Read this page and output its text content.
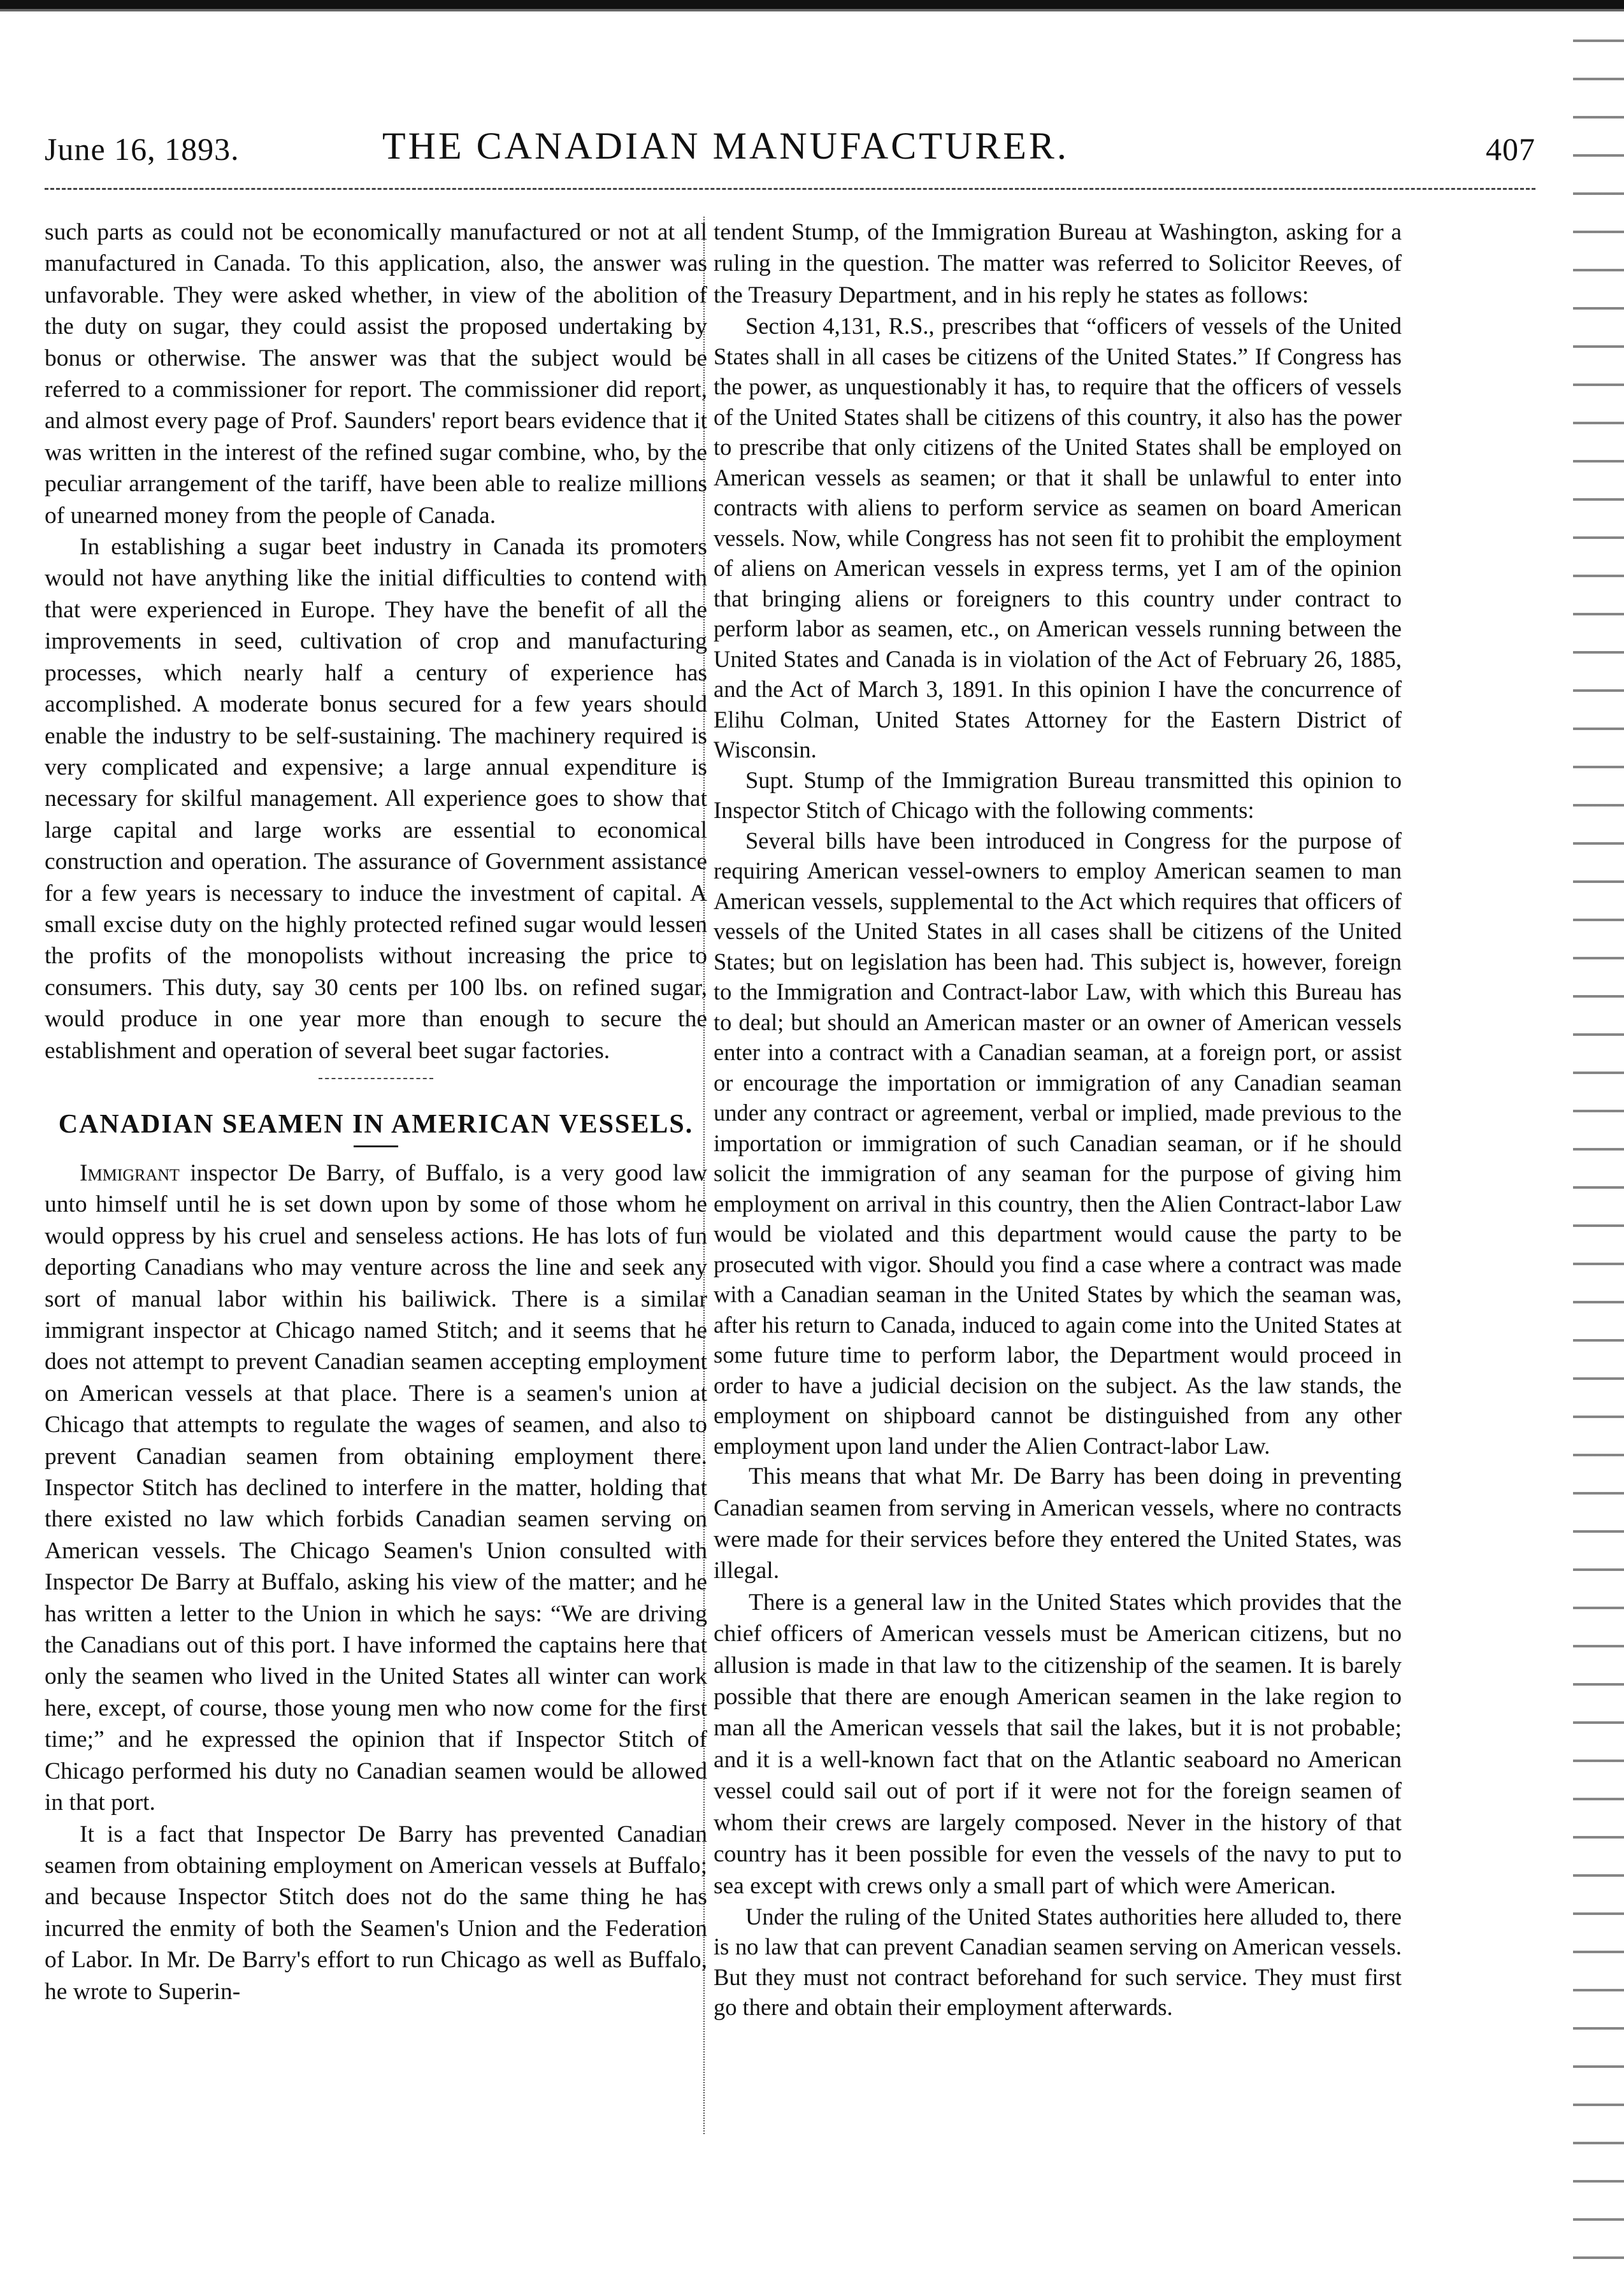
June 16, 1893.	THE CANADIAN MANUFACTURER.	407

such parts as could not be economically manufactured or not at all manufactured in Canada. To this application, also, the answer was unfavorable. They were asked whether, in view of the abolition of the duty on sugar, they could assist the proposed undertaking by bonus or otherwise. The answer was that the subject would be referred to a commissioner for report. The commissioner did report, and almost every page of Prof. Saunders' report bears evidence that it was written in the interest of the refined sugar combine, who, by the peculiar arrangement of the tariff, have been able to realize millions of unearned money from the people of Canada.

In establishing a sugar beet industry in Canada its promoters would not have anything like the initial difficulties to contend with that were experienced in Europe. They have the benefit of all the improvements in seed, cultivation of crop and manufacturing processes, which nearly half a century of experience has accomplished. A moderate bonus secured for a few years should enable the industry to be self-sustaining. The machinery required is very complicated and expensive; a large annual expenditure is necessary for skilful management. All experience goes to show that large capital and large works are essential to economical construction and operation. The assurance of Government assistance for a few years is necessary to induce the investment of capital. A small excise duty on the highly protected refined sugar would lessen the profits of the monopolists without increasing the price to consumers. This duty, say 30 cents per 100 lbs. on refined sugar, would produce in one year more than enough to secure the establishment and operation of several beet sugar factories.

CANADIAN SEAMEN IN AMERICAN VESSELS.

Immigrant inspector De Barry, of Buffalo, is a very good law unto himself until he is set down upon by some of those whom he would oppress by his cruel and senseless actions. He has lots of fun deporting Canadians who may venture across the line and seek any sort of manual labor within his bailiwick. There is a similar immigrant inspector at Chicago named Stitch; and it seems that he does not attempt to prevent Canadian seamen accepting employment on American vessels at that place. There is a seamen's union at Chicago that attempts to regulate the wages of seamen, and also to prevent Canadian seamen from obtaining employment there. Inspector Stitch has declined to interfere in the matter, holding that there existed no law which forbids Canadian seamen serving on American vessels. The Chicago Seamen's Union consulted with Inspector De Barry at Buffalo, asking his view of the matter; and he has written a letter to the Union in which he says: “We are driving the Canadians out of this port. I have informed the captains here that only the seamen who lived in the United States all winter can work here, except, of course, those young men who now come for the first time;” and he expressed the opinion that if Inspector Stitch of Chicago performed his duty no Canadian seamen would be allowed in that port.

It is a fact that Inspector De Barry has prevented Canadian seamen from obtaining employment on American vessels at Buffalo; and because Inspector Stitch does not do the same thing he has incurred the enmity of both the Seamen's Union and the Federation of Labor. In Mr. De Barry's effort to run Chicago as well as Buffalo, he wrote to Superin-

tendent Stump, of the Immigration Bureau at Washington, asking for a ruling in the question. The matter was referred to Solicitor Reeves, of the Treasury Department, and in his reply he states as follows:

Section 4,131, R.S., prescribes that “officers of vessels of the United States shall in all cases be citizens of the United States.” If Congress has the power, as unquestionably it has, to require that the officers of vessels of the United States shall be citizens of this country, it also has the power to prescribe that only citizens of the United States shall be employed on American vessels as seamen; or that it shall be unlawful to enter into contracts with aliens to perform service as seamen on board American vessels. Now, while Congress has not seen fit to prohibit the employment of aliens on American vessels in express terms, yet I am of the opinion that bringing aliens or foreigners to this country under contract to perform labor as seamen, etc., on American vessels running between the United States and Canada is in violation of the Act of February 26, 1885, and the Act of March 3, 1891. In this opinion I have the concurrence of Elihu Colman, United States Attorney for the Eastern District of Wisconsin.

Supt. Stump of the Immigration Bureau transmitted this opinion to Inspector Stitch of Chicago with the following comments:

Several bills have been introduced in Congress for the purpose of requiring American vessel-owners to employ American seamen to man American vessels, supplemental to the Act which requires that officers of vessels of the United States in all cases shall be citizens of the United States; but on legislation has been had. This subject is, however, foreign to the Immigration and Contract-labor Law, with which this Bureau has to deal; but should an American master or an owner of American vessels enter into a contract with a Canadian seaman, at a foreign port, or assist or encourage the importation or immigration of any Canadian seaman under any contract or agreement, verbal or implied, made previous to the importation or immigration of such Canadian seaman, or if he should solicit the immigration of any seaman for the purpose of giving him employment on arrival in this country, then the Alien Contract-labor Law would be violated and this department would cause the party to be prosecuted with vigor. Should you find a case where a contract was made with a Canadian seaman in the United States by which the seaman was, after his return to Canada, induced to again come into the United States at some future time to perform labor, the Department would proceed in order to have a judicial decision on the subject. As the law stands, the employment on shipboard cannot be distinguished from any other employment upon land under the Alien Contract-labor Law.

This means that what Mr. De Barry has been doing in preventing Canadian seamen from serving in American vessels, where no contracts were made for their services before they entered the United States, was illegal.

There is a general law in the United States which provides that the chief officers of American vessels must be American citizens, but no allusion is made in that law to the citizenship of the seamen. It is barely possible that there are enough American seamen in the lake region to man all the American vessels that sail the lakes, but it is not probable; and it is a well-known fact that on the Atlantic seaboard no American vessel could sail out of port if it were not for the foreign seamen of whom their crews are largely composed. Never in the history of that country has it been possible for even the vessels of the navy to put to sea except with crews only a small part of which were American.

Under the ruling of the United States authorities here alluded to, there is no law that can prevent Canadian seamen serving on American vessels. But they must not contract beforehand for such service. They must first go there and obtain their employment afterwards.
